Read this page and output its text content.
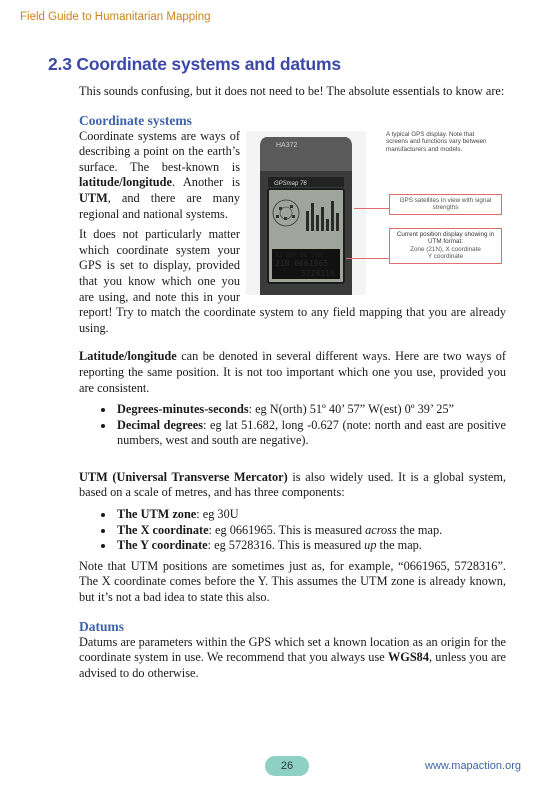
Field Guide to Humanitarian Mapping
2.3 Coordinate systems and datums

This sounds confusing, but it does not need to be! The absolute essentials to know are:

Coordinate systems
HA372
GPSmap 76
12 8EP 06 10H
21N 0661965
5728316
A typical GPS display. Note that screens and functions vary between manufacturers and models.
GPS satellites in view with signal strengths
Current position display showing in UTM format:
Zone (21N), X coordinate
Y coordinate

Coordinate systems are ways of describing a point on the earth’s surface. The best-known is latitude/longitude. Another is UTM, and there are many regional and national systems.

It does not particularly matter which coordinate system your GPS is set to display, provided that you know which one you are using, and note this in your report! Try to match the coordinate system to any field mapping that you are already using.

Latitude/longitude can be denoted in several different ways. Here are two ways of reporting the same position. It is not too important which one you use, provided you are consistent.

• Degrees-minutes-seconds: eg N(orth) 51º 40’ 57” W(est) 0º 39’ 25”
• Decimal degrees: eg lat 51.682, long -0.627 (note: north and east are positive numbers, west and south are negative).

UTM (Universal Transverse Mercator) is also widely used. It is a global system, based on a scale of metres, and has three components:

• The UTM zone: eg 30U
• The X coordinate: eg 0661965. This is measured across the map.
• The Y coordinate: eg 5728316. This is measured up the map.

Note that UTM positions are sometimes just as, for example, “0661965, 5728316”. The X coordinate comes before the Y. This assumes the UTM zone is already known, but it’s not a bad idea to state this also.

Datums

Datums are parameters within the GPS which set a known location as an origin for the coordinate system in use. We recommend that you always use WGS84, unless you are advised to do otherwise.

26	www.mapaction.org
